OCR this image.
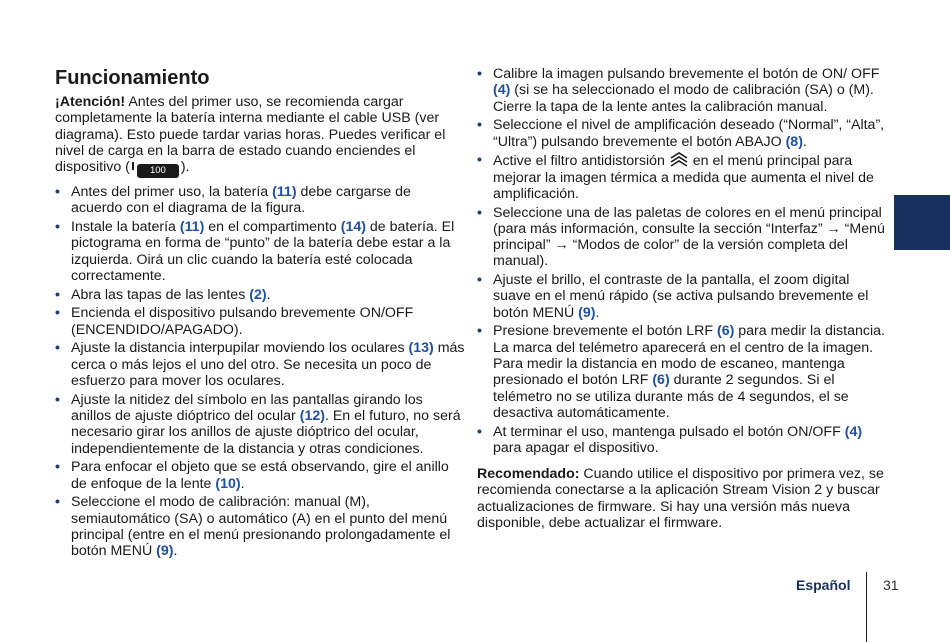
Funcionamiento

¡Atención! Antes del primer uso, se recomienda cargar completamente la batería interna mediante el cable USB (ver diagrama). Esto puede tardar varias horas. Puedes verificar el nivel de carga en la barra de estado cuando enciendes el dispositivo ( 100 ).

• Antes del primer uso, la batería (11) debe cargarse de acuerdo con el diagrama de la figura.
• Instale la batería (11) en el compartimento (14) de batería. El pictograma en forma de “punto” de la batería debe estar a la izquierda. Oirá un clic cuando la batería esté colocada correctamente.
• Abra las tapas de las lentes (2).
• Encienda el dispositivo pulsando brevemente ON/OFF (ENCENDIDO/APAGADO).
• Ajuste la distancia interpupilar moviendo los oculares (13) más cerca o más lejos el uno del otro. Se necesita un poco de esfuerzo para mover los oculares.
• Ajuste la nitidez del símbolo en las pantallas girando los anillos de ajuste dióptrico del ocular (12). En el futuro, no será necesario girar los anillos de ajuste dióptrico del ocular, independientemente de la distancia y otras condiciones.
• Para enfocar el objeto que se está observando, gire el anillo de enfoque de la lente (10).
• Seleccione el modo de calibración: manual (M), semiautomático (SA) o automático (A) en el punto del menú principal (entre en el menú presionando prolongadamente el botón MENÚ (9).
• Calibre la imagen pulsando brevemente el botón de ON/ OFF (4) (si se ha seleccionado el modo de calibración (SA) o (M). Cierre la tapa de la lente antes la calibración manual.
• Seleccione el nivel de amplificación deseado (“Normal”, “Alta”, “Ultra”) pulsando brevemente el botón ABAJO (8).
• Active el filtro antidistorsión  en el menú principal para mejorar la imagen térmica a medida que aumenta el nivel de amplificación.
• Seleccione una de las paletas de colores en el menú principal (para más información, consulte la sección “Interfaz” → “Menú principal” → “Modos de color” de la versión completa del manual).
• Ajuste el brillo, el contraste de la pantalla, el zoom digital suave en el menú rápido (se activa pulsando brevemente el botón MENÚ (9).
• Presione brevemente el botón LRF (6) para medir la distancia. La marca del telémetro aparecerá en el centro de la imagen. Para medir la distancia en modo de escaneo, mantenga presionado el botón LRF (6) durante 2 segundos. Si el telémetro no se utiliza durante más de 4 segundos, el se desactiva automáticamente.
• At terminar el uso, mantenga pulsado el botón ON/OFF (4) para apagar el dispositivo.

Recomendado: Cuando utilice el dispositivo por primera vez, se recomienda conectarse a la aplicación Stream Vision 2 y buscar actualizaciones de firmware. Si hay una versión más nueva disponible, debe actualizar el firmware.

Español 31
